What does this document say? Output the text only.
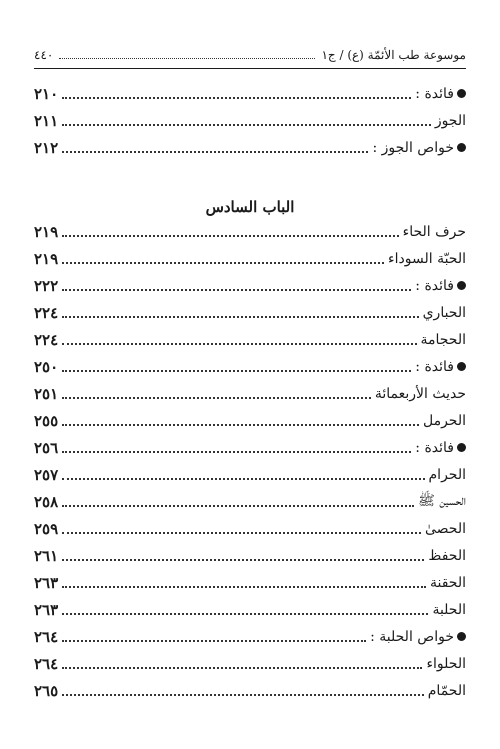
موسوعة طب الأئمّة (ع) / ج١
٤٤٠
فائدة :
٢١٠
الجوز
٢١١
خواص الجوز :
٢١٢
الباب السادس
حرف الحاء
٢١٩
الحبّة السوداء
٢١٩
فائدة :
٢٢٢
الحباري
٢٢٤
الحجامة
٢٢٤
فائدة :
٢٥٠
حديث الأربعمائة
٢٥١
الحرمل
٢٥٥
فائدة :
٢٥٦
الحرام
٢٥٧
الحسين ﷺ
٢٥٨
الحصىٰ
٢٥٩
الحفظ
٢٦١
الحقنة
٢٦٣
الحلبة
٢٦٣
خواص الحلبة :
٢٦٤
الحلواء
٢٦٤
الحمّام
٢٦٥
